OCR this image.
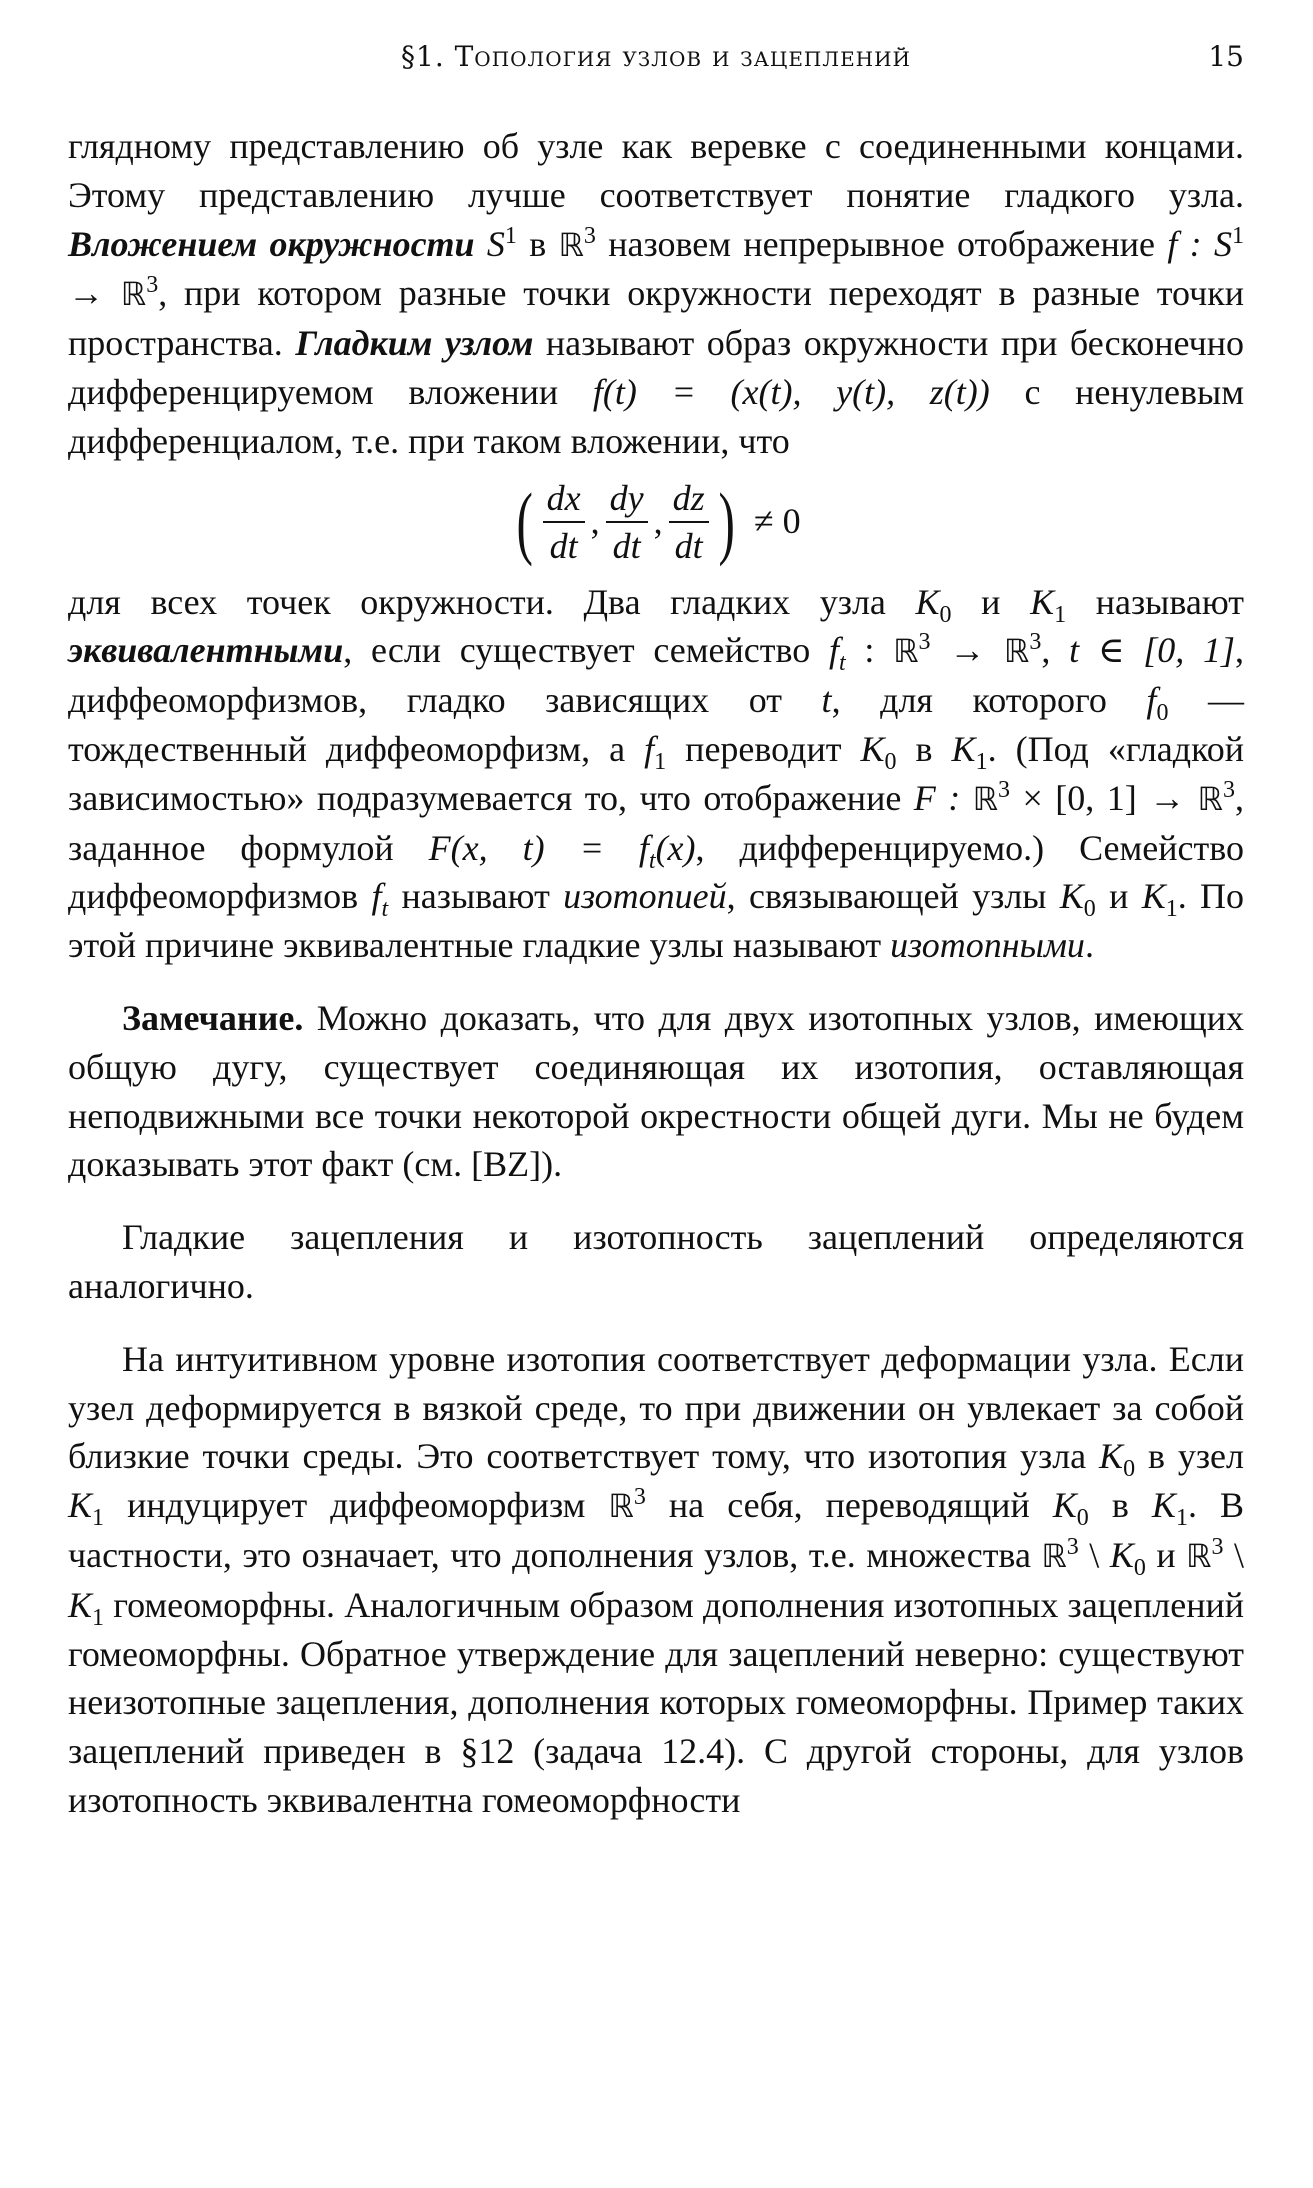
§1. Топология узлов и зацеплений	15

глядному представлению об узле как веревке с соединенными концами. Этому представлению лучше соответствует понятие гладкого узла. Вложением окружности $S^1$ в ℝ$^3$ назовем непрерывное отображение f : $S^1$ → ℝ$^3$, при котором разные точки окружности переходят в разные точки пространства. Гладким узлом называют образ окружности при бесконечно дифференцируемом вложении f(t) = (x(t), y(t), z(t)) с ненулевым дифференциалом, т.е. при таком вложении, что

( $\frac{dx}{dt}$ , $\frac{dy}{dt}$ , $\frac{dz}{dt}$ ) ≠ 0

для всех точек окружности. Два гладких узла $K_0$ и $K_1$ называют эквивалентными, если существует семейство $f_t$ : ℝ$^3$ → ℝ$^3$, t ∈ [0, 1], диффеоморфизмов, гладко зависящих от t, для которого $f_0$ — тождественный диффеоморфизм, а $f_1$ переводит $K_0$ в $K_1$. (Под «гладкой зависимостью» подразумевается то, что отображение F : ℝ$^3$ × [0, 1] → ℝ$^3$, заданное формулой F(x, $t) = f_t(x)$, дифференцируемо.) Семейство диффеоморфизмов $f_t$ называют изотопией, связывающей узлы $K_0$ и $K_1$. По этой причине эквивалентные гладкие узлы называют изотопными.

Замечание. Можно доказать, что для двух изотопных узлов, имеющих общую дугу, существует соединяющая их изотопия, оставляющая неподвижными все точки некоторой окрестности общей дуги. Мы не будем доказывать этот факт (см. [BZ]).

Гладкие зацепления и изотопность зацеплений определяются аналогично.

На интуитивном уровне изотопия соответствует деформации узла. Если узел деформируется в вязкой среде, то при движении он увлекает за собой близкие точки среды. Это соответствует тому, что изотопия узла $K_0$ в узел $K_1$ индуцирует диффеоморфизм ℝ$^3$ на себя, переводящий $K_0$ в $K_1$. В частности, это означает, что дополнения узлов, т.е. множества ℝ$^3$ \ $K_0$ и ℝ$^3$ \ $K_1$ гомеоморфны. Аналогичным образом дополнения изотопных зацеплений гомеоморфны. Обратное утверждение для зацеплений неверно: существуют неизотопные зацепления, дополнения которых гомеоморфны. Пример таких зацеплений приведен в §12 (задача 12.4). С другой стороны, для узлов изотопность эквивалентна гомеоморфности
